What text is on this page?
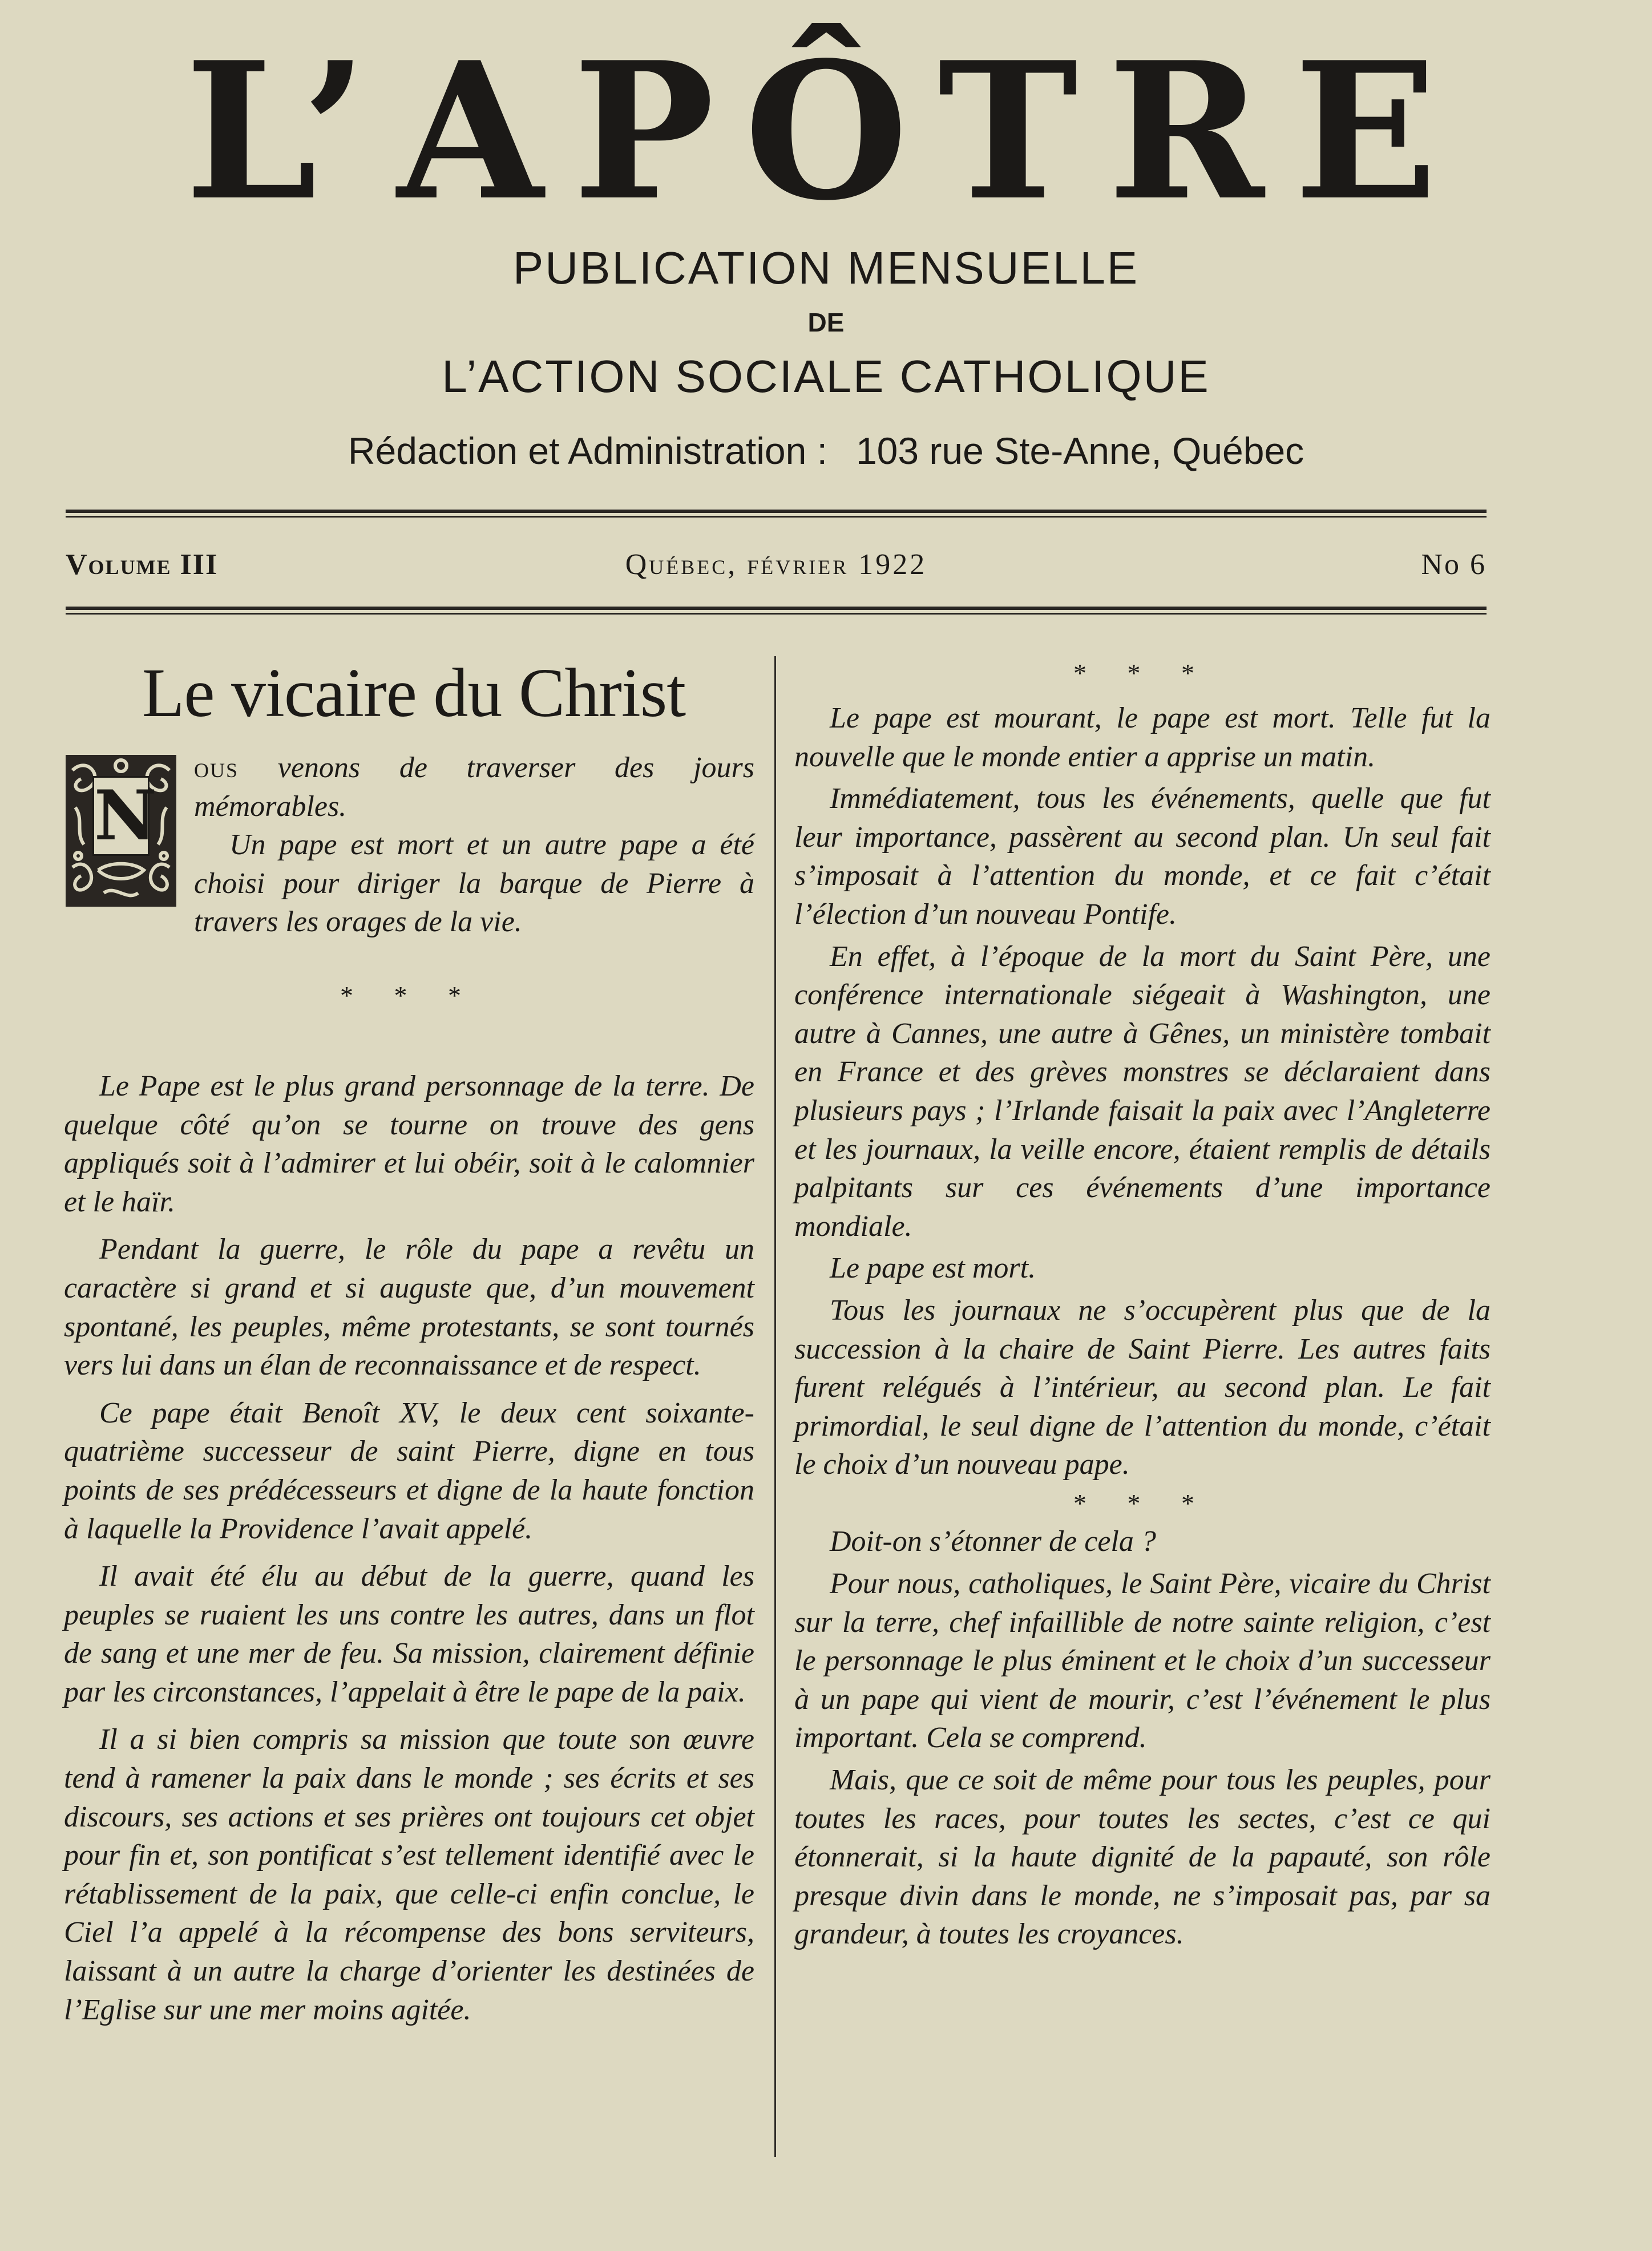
L’APÔTRE
PUBLICATION MENSUELLE
DE
L’ACTION SOCIALE CATHOLIQUE
Rédaction et Administration : 103 rue Ste-Anne, Québec
Volume III	Québec, février 1922	No 6
Le vicaire du Christ
N

ous venons de traverser des jours mémorables.

Un pape est mort et un autre pape a été choisi pour diriger la barque de Pierre à travers les orages de la vie.

* * *

Le Pape est le plus grand personnage de la terre. De quelque côté qu’on se tourne on trouve des gens appliqués soit à l’admirer et lui obéir, soit à le calomnier et le haïr.

Pendant la guerre, le rôle du pape a revêtu un caractère si grand et si auguste que, d’un mouvement spontané, les peuples, même protestants, se sont tournés vers lui dans un élan de reconnaissance et de respect.

Ce pape était Benoît XV, le deux cent soixante-quatrième successeur de saint Pierre, digne en tous points de ses prédécesseurs et digne de la haute fonction à laquelle la Providence l’avait appelé.

Il avait été élu au début de la guerre, quand les peuples se ruaient les uns contre les autres, dans un flot de sang et une mer de feu. Sa mission, clairement définie par les circonstances, l’appelait à être le pape de la paix.

Il a si bien compris sa mission que toute son œuvre tend à ramener la paix dans le monde ; ses écrits et ses discours, ses actions et ses prières ont toujours cet objet pour fin et, son pontificat s’est tellement identifié avec le rétablissement de la paix, que celle-ci enfin conclue, le Ciel l’a appelé à la récompense des bons serviteurs, laissant à un autre la charge d’orienter les destinées de l’Eglise sur une mer moins agitée.

* * *

Le pape est mourant, le pape est mort. Telle fut la nouvelle que le monde entier a apprise un matin.

Immédiatement, tous les événements, quelle que fut leur importance, passèrent au second plan. Un seul fait s’imposait à l’attention du monde, et ce fait c’était l’élection d’un nouveau Pontife.

En effet, à l’époque de la mort du Saint Père, une conférence internationale siégeait à Washington, une autre à Cannes, une autre à Gênes, un ministère tombait en France et des grèves monstres se déclaraient dans plusieurs pays ; l’Irlande faisait la paix avec l’Angleterre et les journaux, la veille encore, étaient remplis de détails palpitants sur ces événements d’une importance mondiale.

Le pape est mort.

Tous les journaux ne s’occupèrent plus que de la succession à la chaire de Saint Pierre. Les autres faits furent relégués à l’intérieur, au second plan. Le fait primordial, le seul digne de l’attention du monde, c’était le choix d’un nouveau pape.

* * *

Doit-on s’étonner de cela ?

Pour nous, catholiques, le Saint Père, vicaire du Christ sur la terre, chef infaillible de notre sainte religion, c’est le personnage le plus éminent et le choix d’un successeur à un pape qui vient de mourir, c’est l’événement le plus important. Cela se comprend.

Mais, que ce soit de même pour tous les peuples, pour toutes les races, pour toutes les sectes, c’est ce qui étonnerait, si la haute dignité de la papauté, son rôle presque divin dans le monde, ne s’imposait pas, par sa grandeur, à toutes les croyances.
